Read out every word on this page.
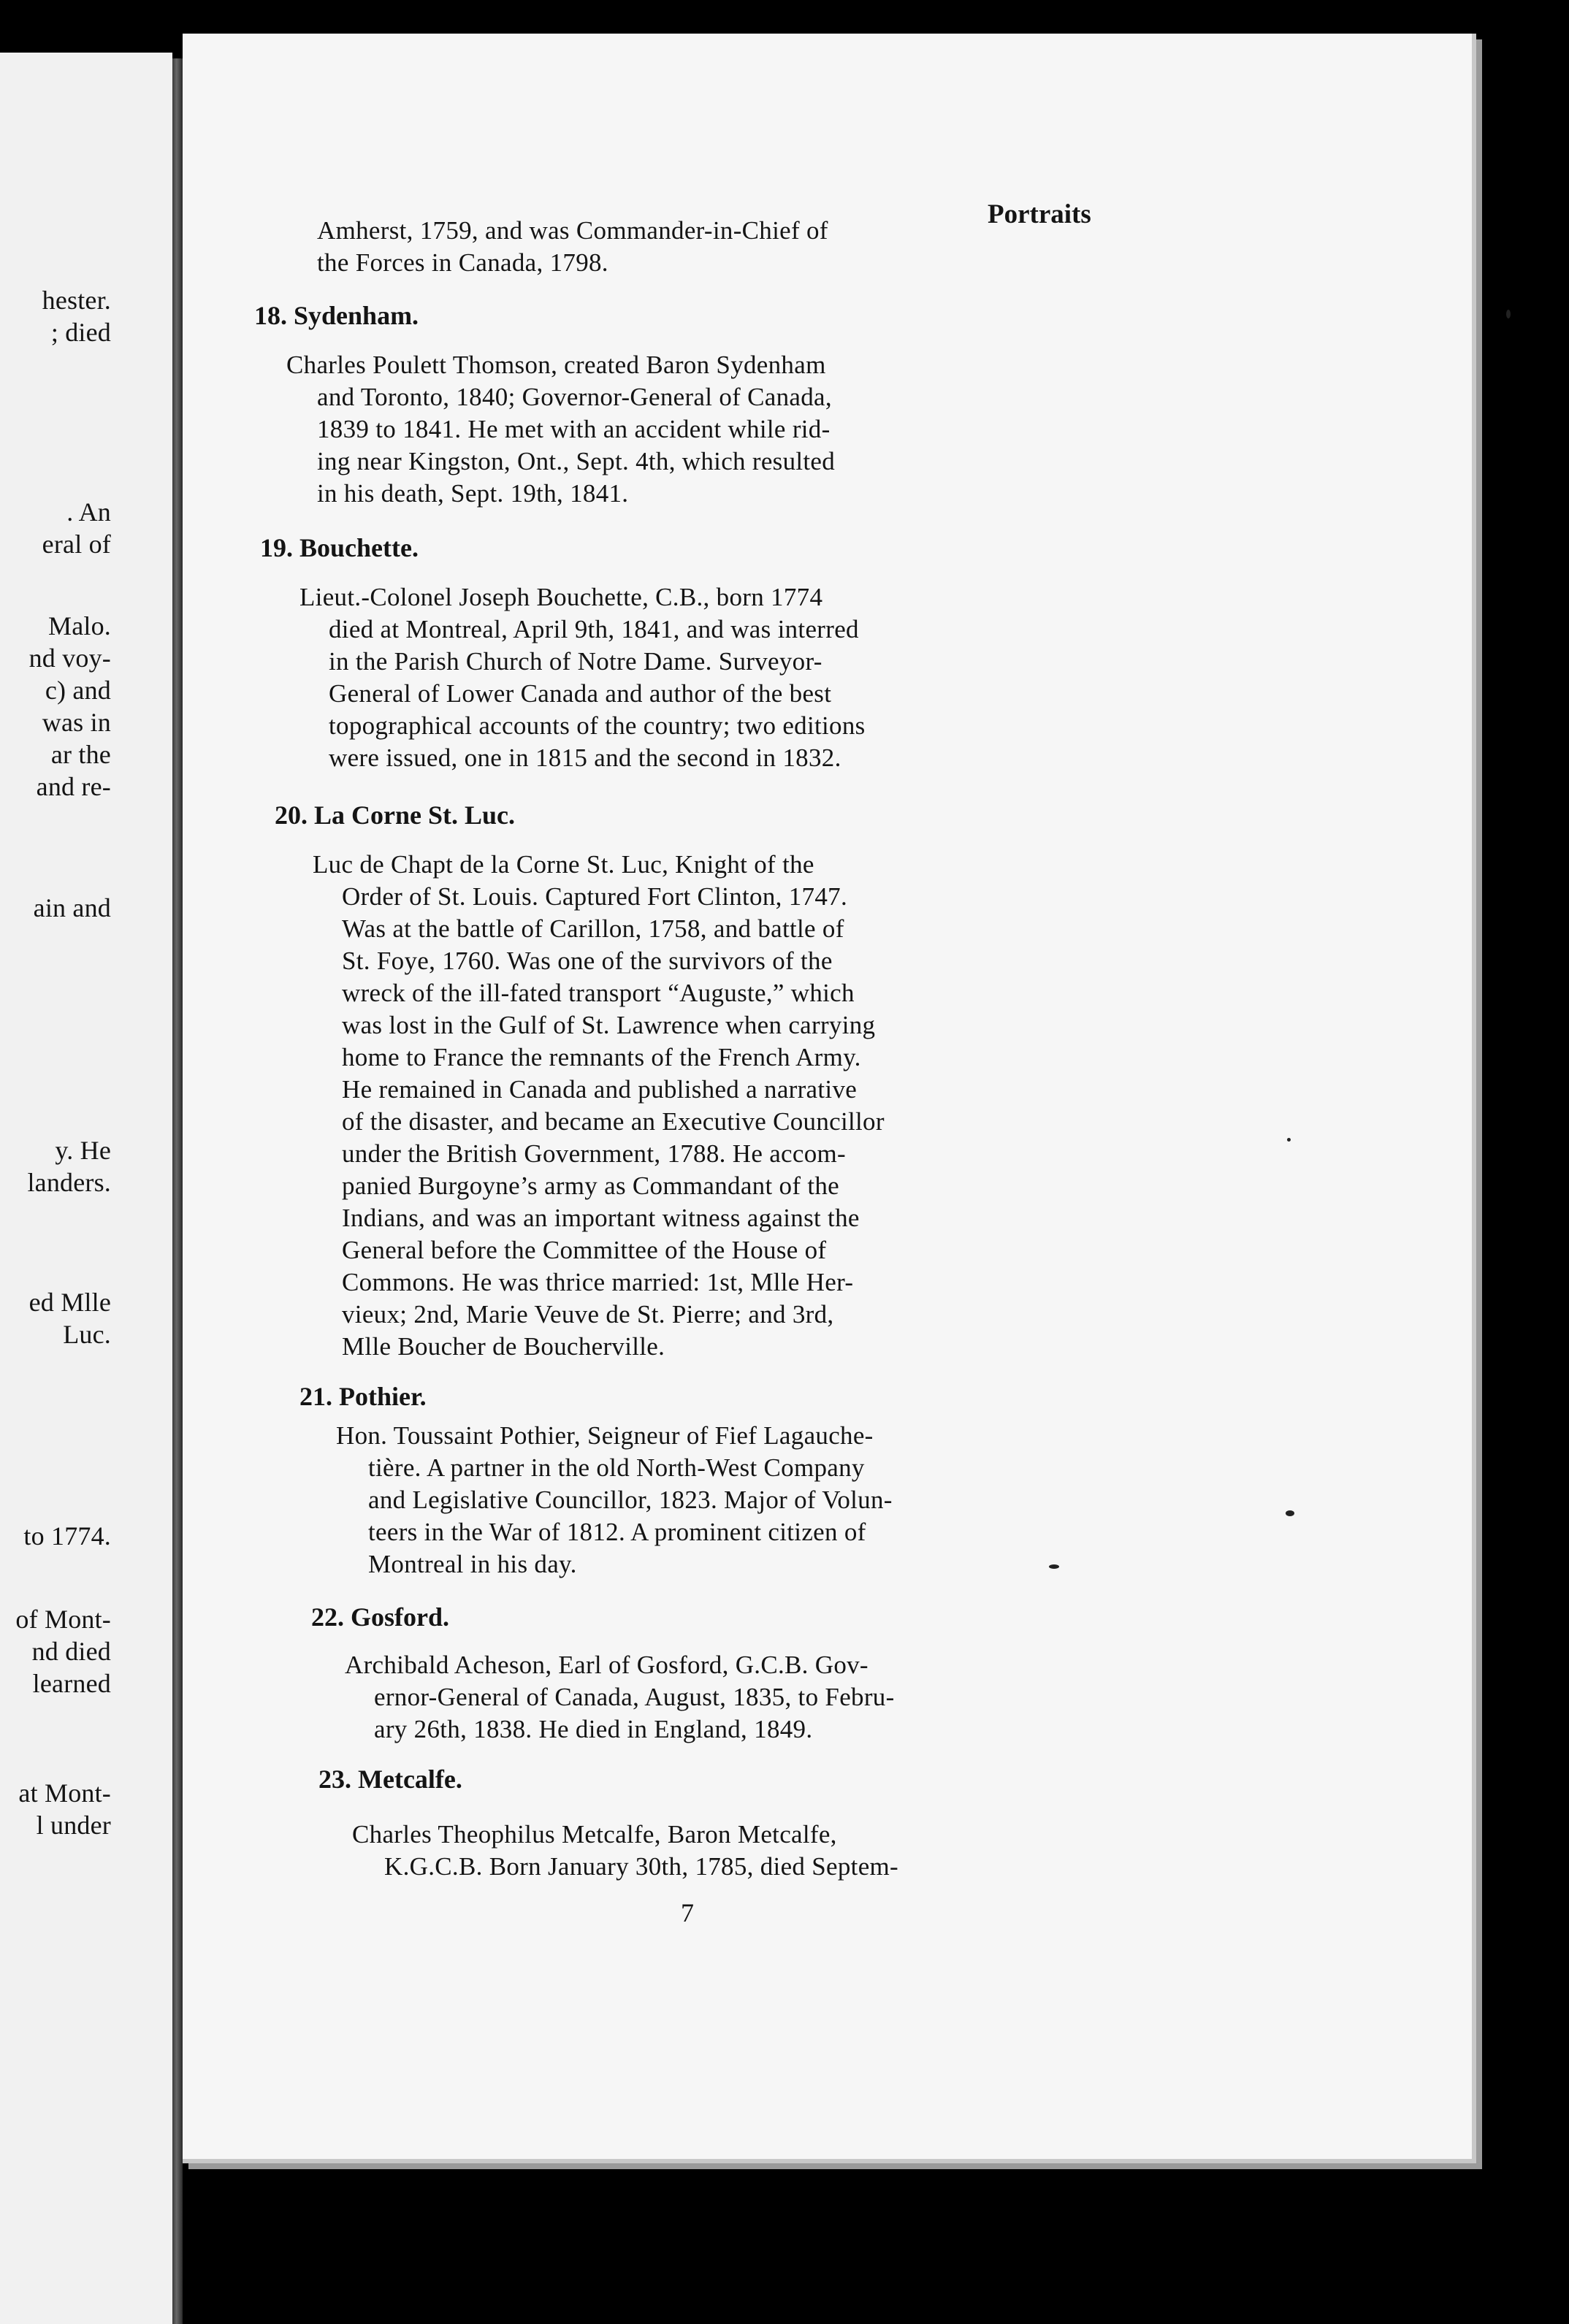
hester.
; died
. An
eral of
Malo.
nd voy-
c) and
was in
ar the
and re-
ain and
y. He
landers.
ed Mlle
Luc.
to 1774.
of Mont-
nd died
learned
at Mont-
l under
Portraits
Amherst, 1759, and was Commander-in-Chief of
the Forces in Canada, 1798.
18. Sydenham.
Charles Poulett Thomson, created Baron Sydenham
and Toronto, 1840; Governor-General of Canada,
1839 to 1841. He met with an accident while rid-
ing near Kingston, Ont., Sept. 4th, which resulted
in his death, Sept. 19th, 1841.
19. Bouchette.
Lieut.-Colonel Joseph Bouchette, C.B., born 1774
died at Montreal, April 9th, 1841, and was interred
in the Parish Church of Notre Dame. Surveyor-
General of Lower Canada and author of the best
topographical accounts of the country; two editions
were issued, one in 1815 and the second in 1832.
20. La Corne St. Luc.
Luc de Chapt de la Corne St. Luc, Knight of the
Order of St. Louis. Captured Fort Clinton, 1747.
Was at the battle of Carillon, 1758, and battle of
St. Foye, 1760. Was one of the survivors of the
wreck of the ill-fated transport “Auguste,” which
was lost in the Gulf of St. Lawrence when carrying
home to France the remnants of the French Army.
He remained in Canada and published a narrative
of the disaster, and became an Executive Councillor
under the British Government, 1788. He accom-
panied Burgoyne’s army as Commandant of the
Indians, and was an important witness against the
General before the Committee of the House of
Commons. He was thrice married: 1st, Mlle Her-
vieux; 2nd, Marie Veuve de St. Pierre; and 3rd,
Mlle Boucher de Boucherville.
21. Pothier.
Hon. Toussaint Pothier, Seigneur of Fief Lagauche-
tière. A partner in the old North-West Company
and Legislative Councillor, 1823. Major of Volun-
teers in the War of 1812. A prominent citizen of
Montreal in his day.
22. Gosford.
Archibald Acheson, Earl of Gosford, G.C.B. Gov-
ernor-General of Canada, August, 1835, to Febru-
ary 26th, 1838. He died in England, 1849.
23. Metcalfe.
Charles Theophilus Metcalfe, Baron Metcalfe,
K.G.C.B. Born January 30th, 1785, died Septem-
7
